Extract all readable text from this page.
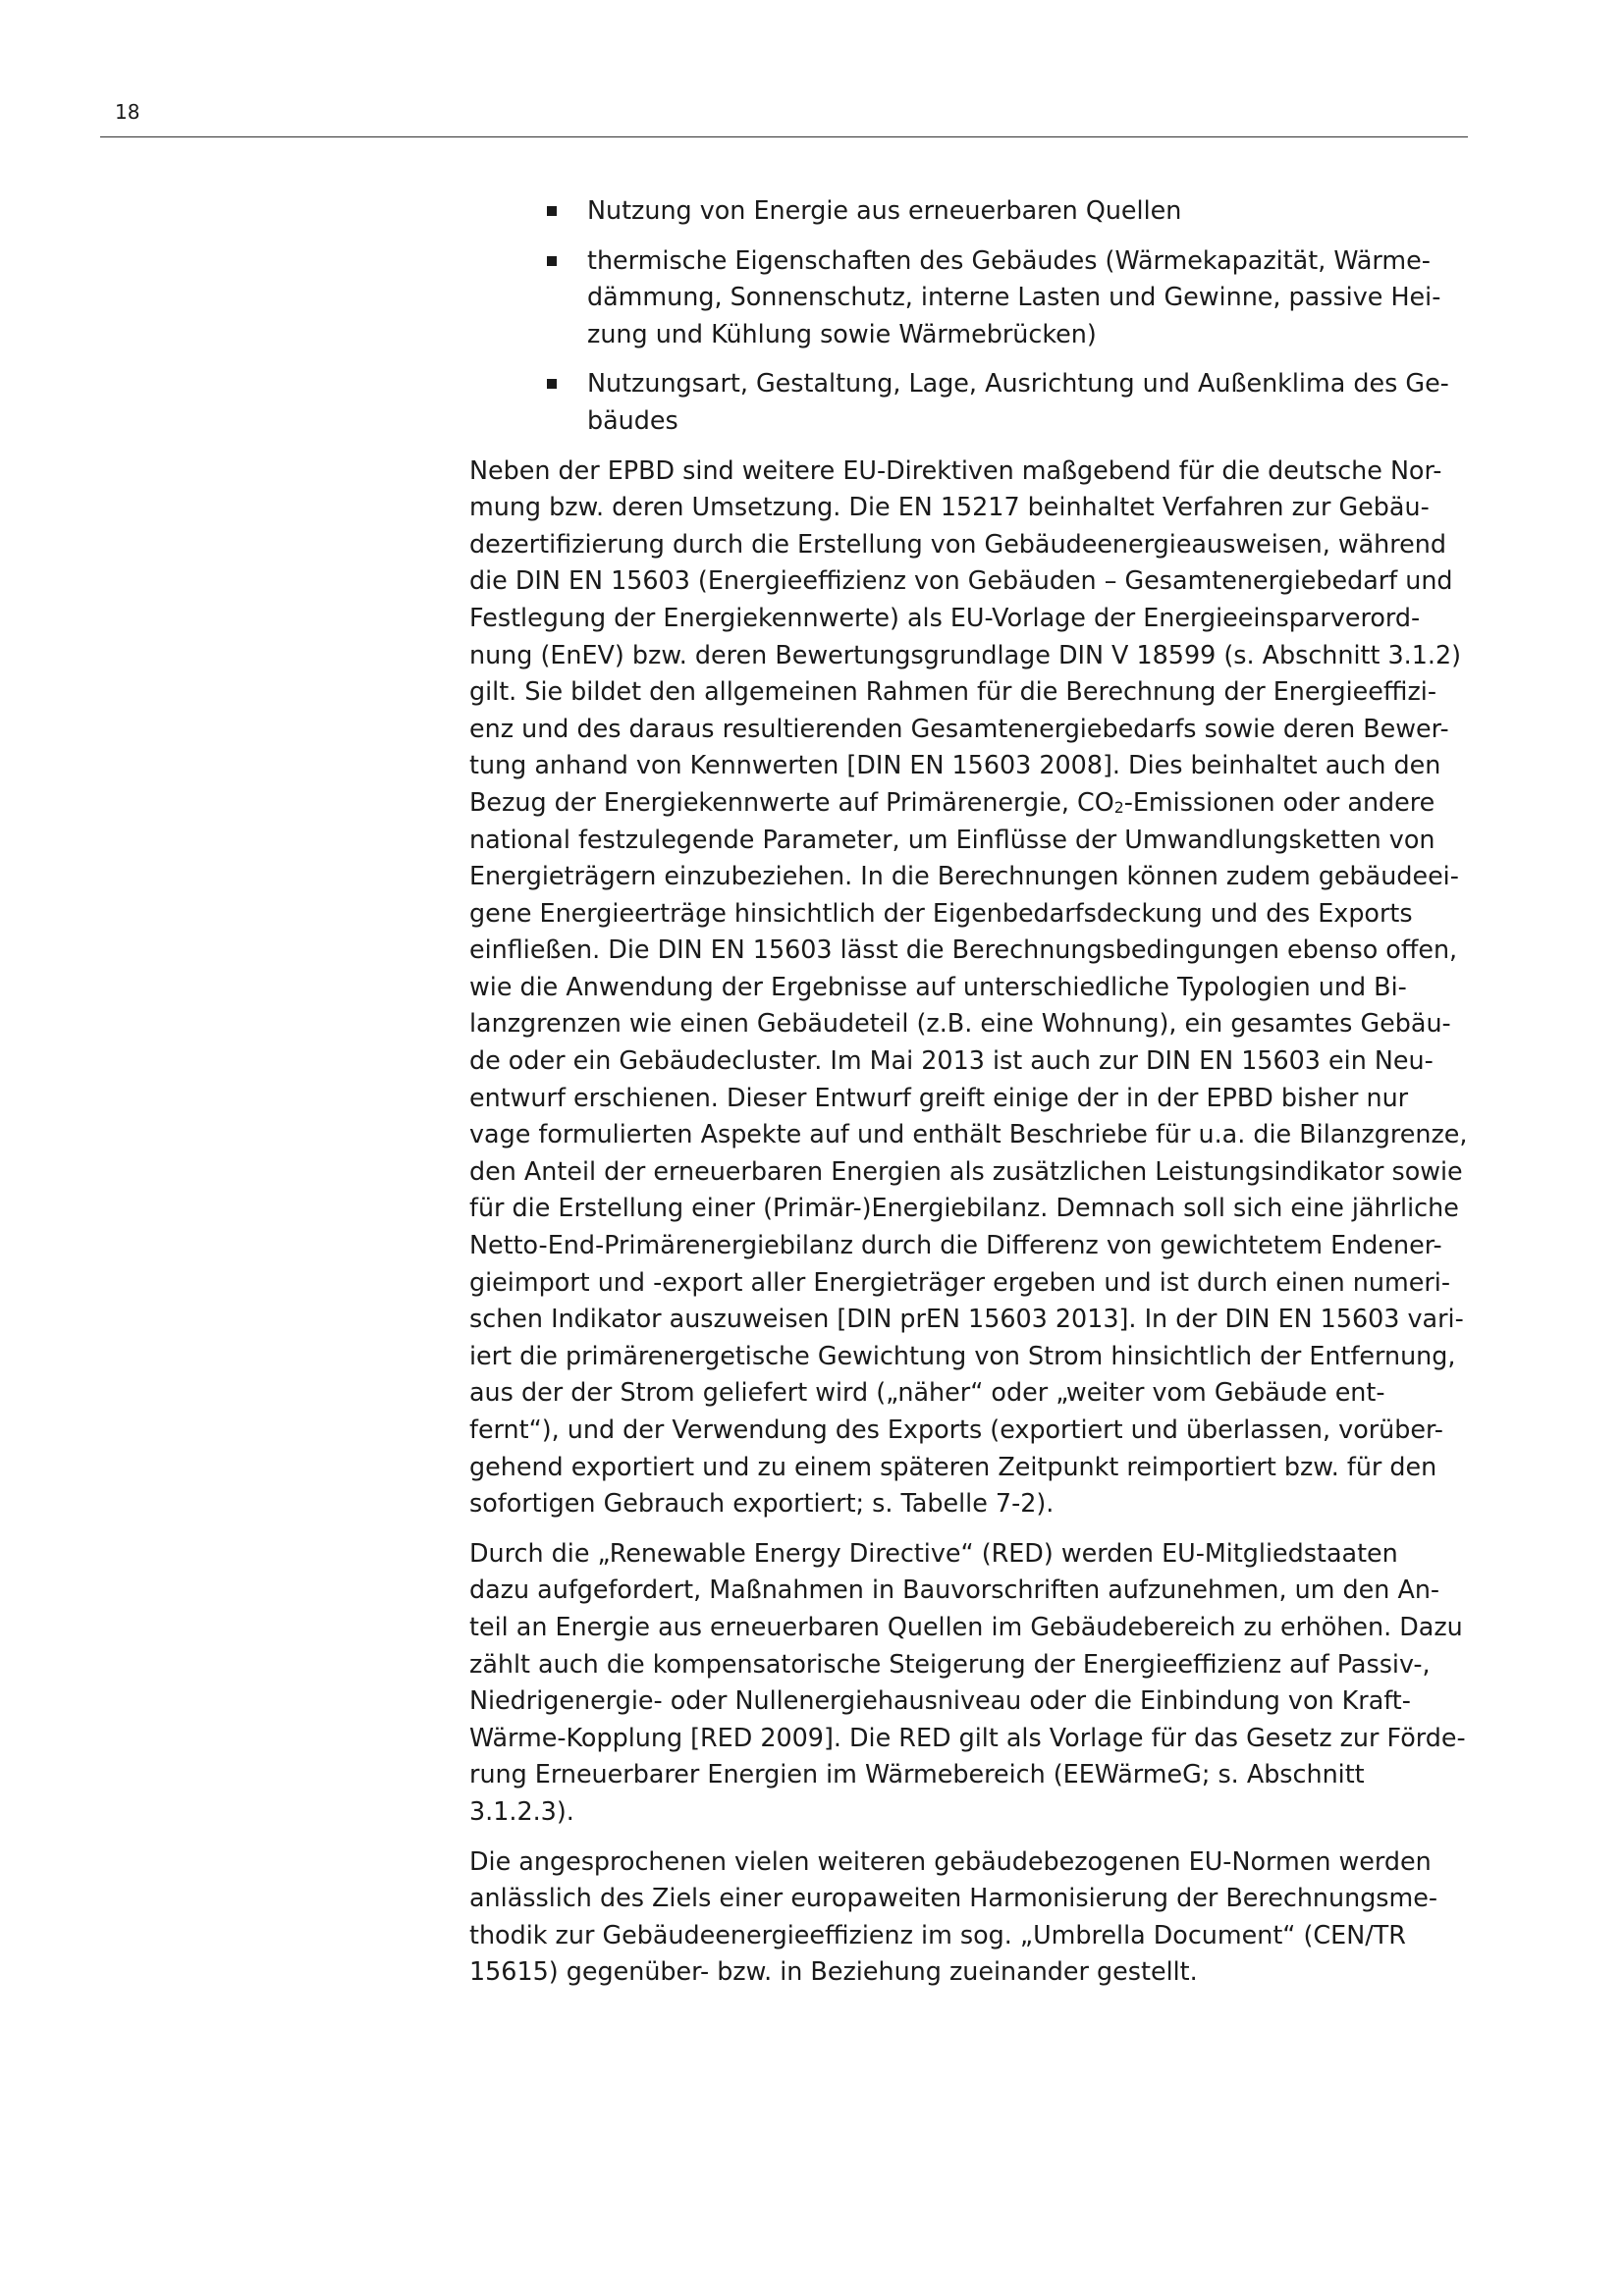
18
Nutzung von Energie aus erneuerbaren Quellen
thermische Eigenschaften des Gebäudes (Wärmekapazität, Wärme-
dämmung, Sonnenschutz, interne Lasten und Gewinne, passive Hei-
zung und Kühlung sowie Wärmebrücken)
Nutzungsart, Gestaltung, Lage, Ausrichtung und Außenklima des Ge-
bäudes
Neben der EPBD sind weitere EU-Direktiven maßgebend für die deutsche Nor-
mung bzw. deren Umsetzung. Die EN 15217 beinhaltet Verfahren zur Gebäu-
dezertifizierung durch die Erstellung von Gebäudeenergieausweisen, während
die DIN EN 15603 (Energieeffizienz von Gebäuden – Gesamtenergiebedarf und
Festlegung der Energiekennwerte) als EU-Vorlage der Energieeinsparverord-
nung (EnEV) bzw. deren Bewertungsgrundlage DIN V 18599 (s. Abschnitt 3.1.2)
gilt. Sie bildet den allgemeinen Rahmen für die Berechnung der Energieeffizi-
enz und des daraus resultierenden Gesamtenergiebedarfs sowie deren Bewer-
tung anhand von Kennwerten [DIN EN 15603 2008]. Dies beinhaltet auch den
Bezug der Energiekennwerte auf Primärenergie, CO2-Emissionen oder andere
national festzulegende Parameter, um Einflüsse der Umwandlungsketten von
Energieträgern einzubeziehen. In die Berechnungen können zudem gebäudeei-
gene Energieerträge hinsichtlich der Eigenbedarfsdeckung und des Exports
einfließen. Die DIN EN 15603 lässt die Berechnungsbedingungen ebenso offen,
wie die Anwendung der Ergebnisse auf unterschiedliche Typologien und Bi-
lanzgrenzen wie einen Gebäudeteil (z.B. eine Wohnung), ein gesamtes Gebäu-
de oder ein Gebäudecluster. Im Mai 2013 ist auch zur DIN EN 15603 ein Neu-
entwurf erschienen. Dieser Entwurf greift einige der in der EPBD bisher nur
vage formulierten Aspekte auf und enthält Beschriebe für u.a. die Bilanzgrenze,
den Anteil der erneuerbaren Energien als zusätzlichen Leistungsindikator sowie
für die Erstellung einer (Primär-)Energiebilanz. Demnach soll sich eine jährliche
Netto-End-Primärenergiebilanz durch die Differenz von gewichtetem Endener-
gieimport und -export aller Energieträger ergeben und ist durch einen numeri-
schen Indikator auszuweisen [DIN prEN 15603 2013]. In der DIN EN 15603 vari-
iert die primärenergetische Gewichtung von Strom hinsichtlich der Entfernung,
aus der der Strom geliefert wird („näher“ oder „weiter vom Gebäude ent-
fernt“), und der Verwendung des Exports (exportiert und überlassen, vorüber-
gehend exportiert und zu einem späteren Zeitpunkt reimportiert bzw. für den
sofortigen Gebrauch exportiert; s. Tabelle 7-2).
Durch die „Renewable Energy Directive“ (RED) werden EU-Mitgliedstaaten
dazu aufgefordert, Maßnahmen in Bauvorschriften aufzunehmen, um den An-
teil an Energie aus erneuerbaren Quellen im Gebäudebereich zu erhöhen. Dazu
zählt auch die kompensatorische Steigerung der Energieeffizienz auf Passiv-,
Niedrigenergie- oder Nullenergiehausniveau oder die Einbindung von Kraft-
Wärme-Kopplung [RED 2009]. Die RED gilt als Vorlage für das Gesetz zur Förde-
rung Erneuerbarer Energien im Wärmebereich (EEWärmeG; s. Abschnitt
3.1.2.3).
Die angesprochenen vielen weiteren gebäudebezogenen EU-Normen werden
anlässlich des Ziels einer europaweiten Harmonisierung der Berechnungsme-
thodik zur Gebäudeenergieeffizienz im sog. „Umbrella Document“ (CEN/TR
15615) gegenüber- bzw. in Beziehung zueinander gestellt.
